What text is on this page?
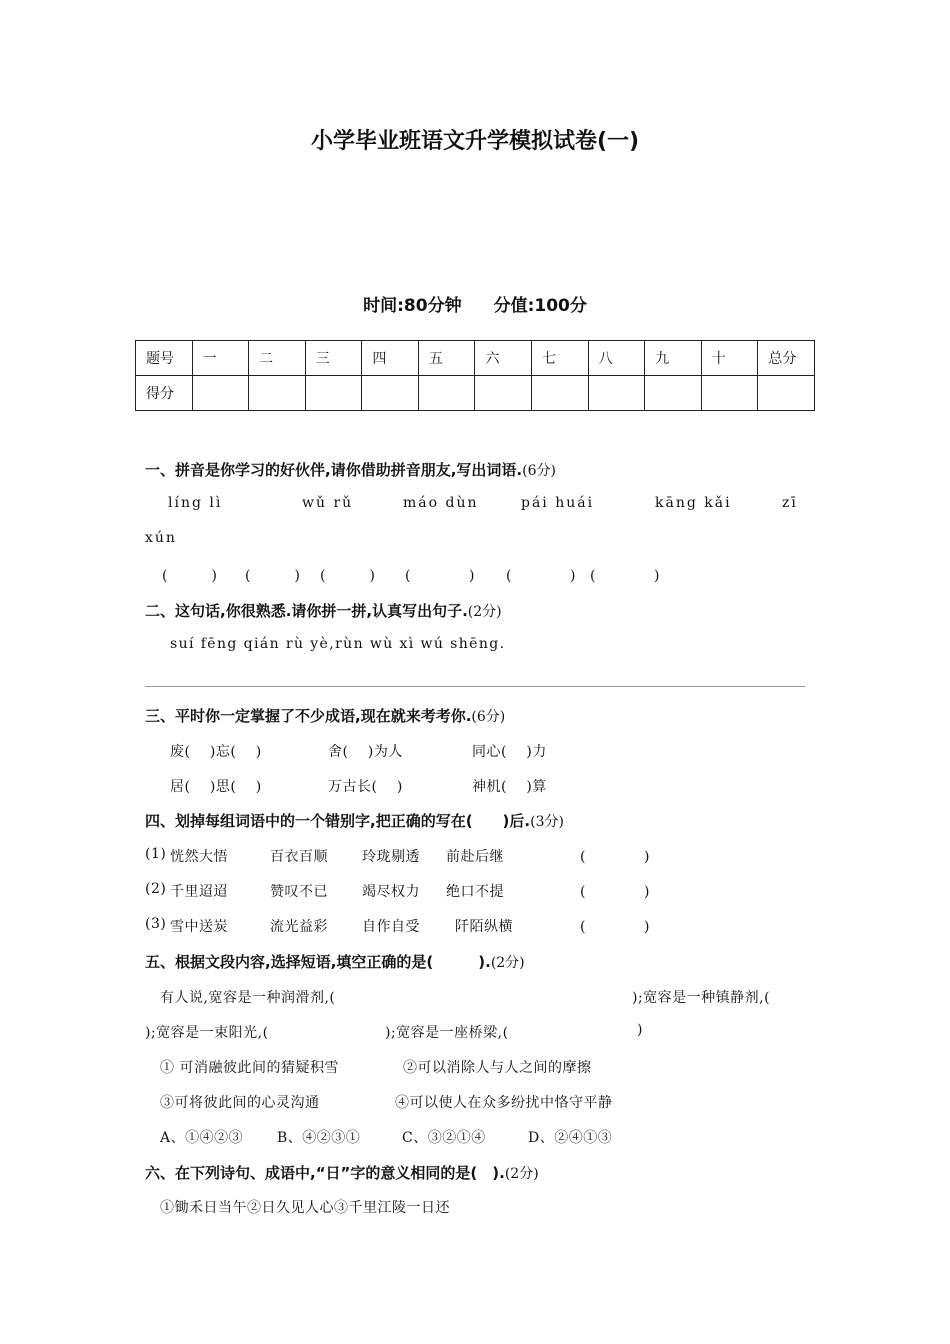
小学毕业班语文升学模拟试卷(一)
时间:80分钟 分值:100分
题号	一	二	三	四	五	六	七	八	九	十	总分
得分											
一、拼音是你学习的好伙伴,请你借助拼音朋友,写出词语.(6分)
líng lì	wǔ rǔ	máo dùn	pái huái	kāng kǎi	zī
xún
(　　　) (　　　) (　　　) (　　　　) (　　　　) (　　　　)
二、这句话,你很熟悉.请你拼一拼,认真写出句子.(2分)
suí fēng qián rù yè,rùn wù xì wú shēng.
三、平时你一定掌握了不少成语,现在就来考考你.(6分)
废(　 )忘(　 )	舍(　 )为人	同心(　 )力
居(　 )思(　 )	万古长(　 )	神机(　 )算
四、划掉每组词语中的一个错别字,把正确的写在(　　)后.(3分)
(1) 恍然大悟	百衣百顺 玲珑剔透 前赴后继	(　　　　)
(2) 千里迢迢	赞叹不已 竭尽权力 绝口不提	(　　　　)
(3) 雪中送炭	流光益彩 自作自受	阡陌纵横	(　　　　)
五、根据文段内容,选择短语,填空正确的是(　　　).(2分)
有人说,宽容是一种润滑剂,(	);宽容是一种镇静剂,(
);宽容是一束阳光,(	);宽容是一座桥梁,(	)
① 可消融彼此间的猜疑积雪	②可以消除人与人之间的摩擦
③可将彼此间的心灵沟通	④可以使人在众多纷扰中恪守平静
A、①④②③ B、④②③①	C、③②①④	D、②④①③
六、在下列诗句、成语中,“日”字的意义相同的是(　).(2分)
①锄禾日当午②日久见人心③千里江陵一日还
